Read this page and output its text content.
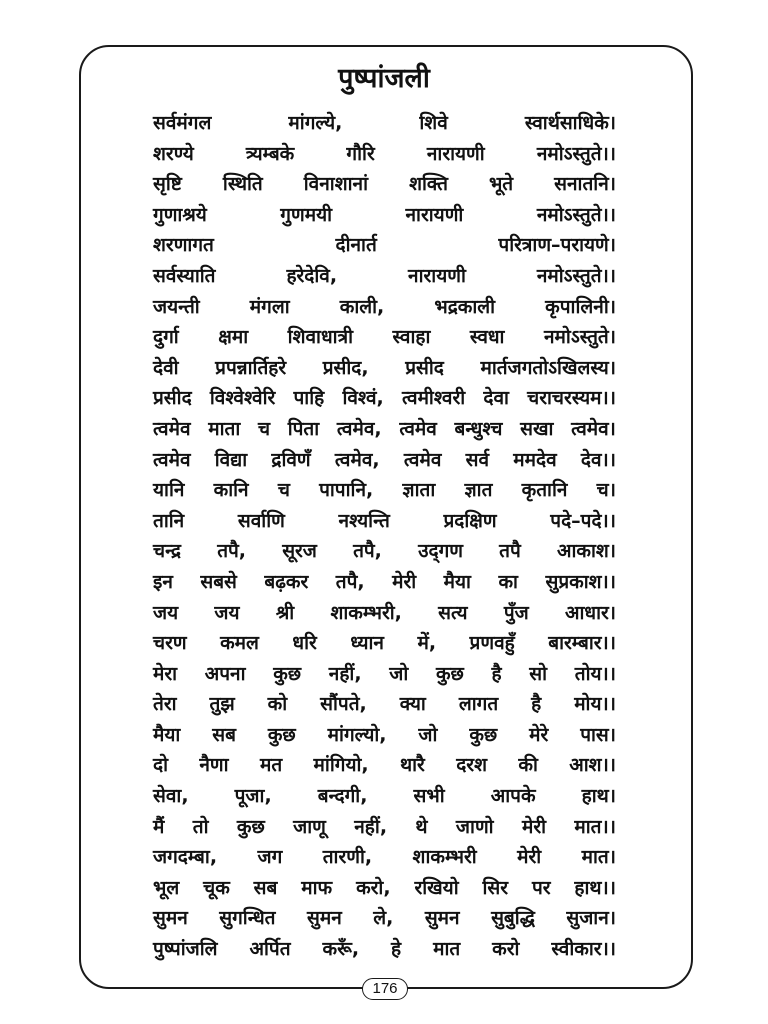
पुष्पांजली
सर्वमंगल	मांगल्ये,	शिवे	स्वार्थसाधिके।
शरण्ये	त्र्यम्बके	गौरि	नारायणी	नमोऽस्तुते।।
सृष्टि स्थिति विनाशानां शक्ति भूते सनातनि।
गुणाश्रये	गुणमयी	नारायणी	नमोऽस्तुते।।
शरणागत	दीनार्त	परित्राण–परायणे।
सर्वस्याति	हरेदेवि,	नारायणी	नमोऽस्तुते।।
जयन्ती	मंगला	काली,	भद्रकाली	कृपालिनी।
दुर्गा क्षमा शिवाधात्री स्वाहा स्वधा नमोऽस्तुते।
देवी प्रपन्नार्तिहरे प्रसीद, प्रसीद मार्तजगतोऽखिलस्य।
प्रसीद विश्वेश्वेरि पाहि विश्वं, त्वमीश्वरी देवा चराचरस्यम।।
त्वमेव माता च पिता त्वमेव, त्वमेव बन्धुश्च सखा त्वमेव।
त्वमेव विद्या द्रविणँ त्वमेव, त्वमेव सर्व ममदेव देव।।
यानि कानि च पापानि, ज्ञाता ज्ञात कृतानि च।
तानि	सर्वाणि	नश्यन्ति	प्रदक्षिण	पदे–पदे।।
चन्द्र तपै, सूरज तपै, उद्‌गण तपै आकाश।
इन सबसे बढ़कर तपै, मेरी मैया का सुप्रकाश।।
जय जय श्री शाकम्भरी, सत्य पुँज आधार।
चरण कमल धरि ध्यान में, प्रणवहुँ बारम्बार।।
मेरा अपना कुछ नहीं, जो कुछ है सो तोय।।
तेरा तुझ को सौंपते, क्या लागत है मोय।।
मैया सब कुछ मांगल्यो, जो कुछ मेरे पास।
दो नैणा मत मांगियो, थारै दरश की आश।।
सेवा, पूजा, बन्दगी, सभी आपके हाथ।
मैं तो कुछ जाणू नहीं, थे जाणो मेरी मात।।
जगदम्बा, जग तारणी, शाकम्भरी मेरी मात।
भूल चूक सब माफ करो, रखियो सिर पर हाथ।।
सुमन सुगन्धित सुमन ले, सुमन सुबुद्धि सुजान।
पुष्पांजलि अर्पित करूँ, हे मात करो स्वीकार।।
176
